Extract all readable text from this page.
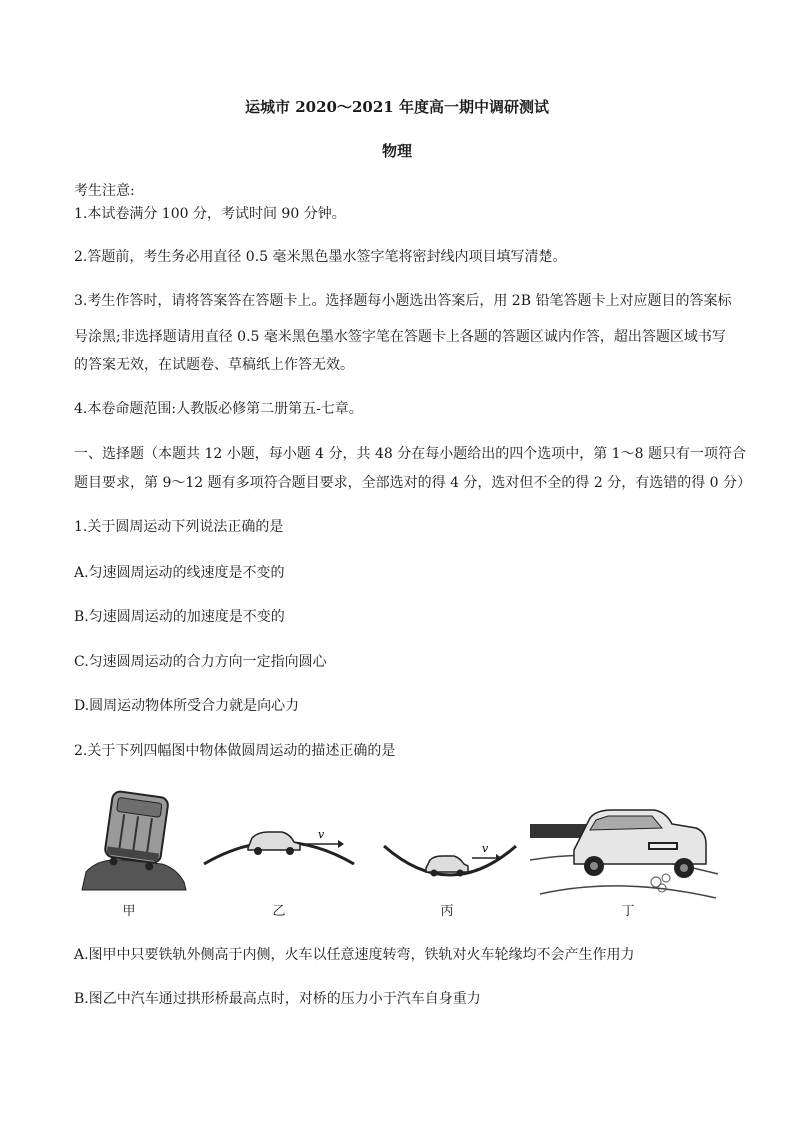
运城市 2020～2021 年度高一期中调研测试
物理
考生注意:
1.本试卷满分 100 分，考试时间 90 分钟。
2.答题前，考生务必用直径 0.5 毫米黑色墨水签字笔将密封线内项目填写清楚。
3.考生作答时，请将答案答在答题卡上。选择题每小题选出答案后，用 2B 铅笔答题卡上对应题目的答案标
号涂黑;非选择题请用直径 0.5 毫米黑色墨水签字笔在答题卡上各题的答题区诚内作答，超出答题区域书写
的答案无效，在试题卷、草稿纸上作答无效。
4.本卷命题范围:人教版必修第二册第五-七章。
一、选择题（本题共 12 小题，每小题 4 分，共 48 分在每小题给出的四个选项中，第 1～8 题只有一项符合
题目要求，第 9～12 题有多项符合题目要求，全部选对的得 4 分，选对但不全的得 2 分，有选错的得 0 分）
1.关于圆周运动下列说法正确的是
A.匀速圆周运动的线速度是不变的
B.匀速圆周运动的加速度是不变的
C.匀速圆周运动的合力方向一定指向圆心
D.圆周运动物体所受合力就是向心力
2.关于下列四幅图中物体做圆周运动的描述正确的是
甲
v
乙
v
丙	丁
A.图甲中只要铁轨外侧高于内侧，火车以任意速度转弯，铁轨对火车轮缘均不会产生作用力
B.图乙中汽车通过拱形桥最高点时，对桥的压力小于汽车自身重力
